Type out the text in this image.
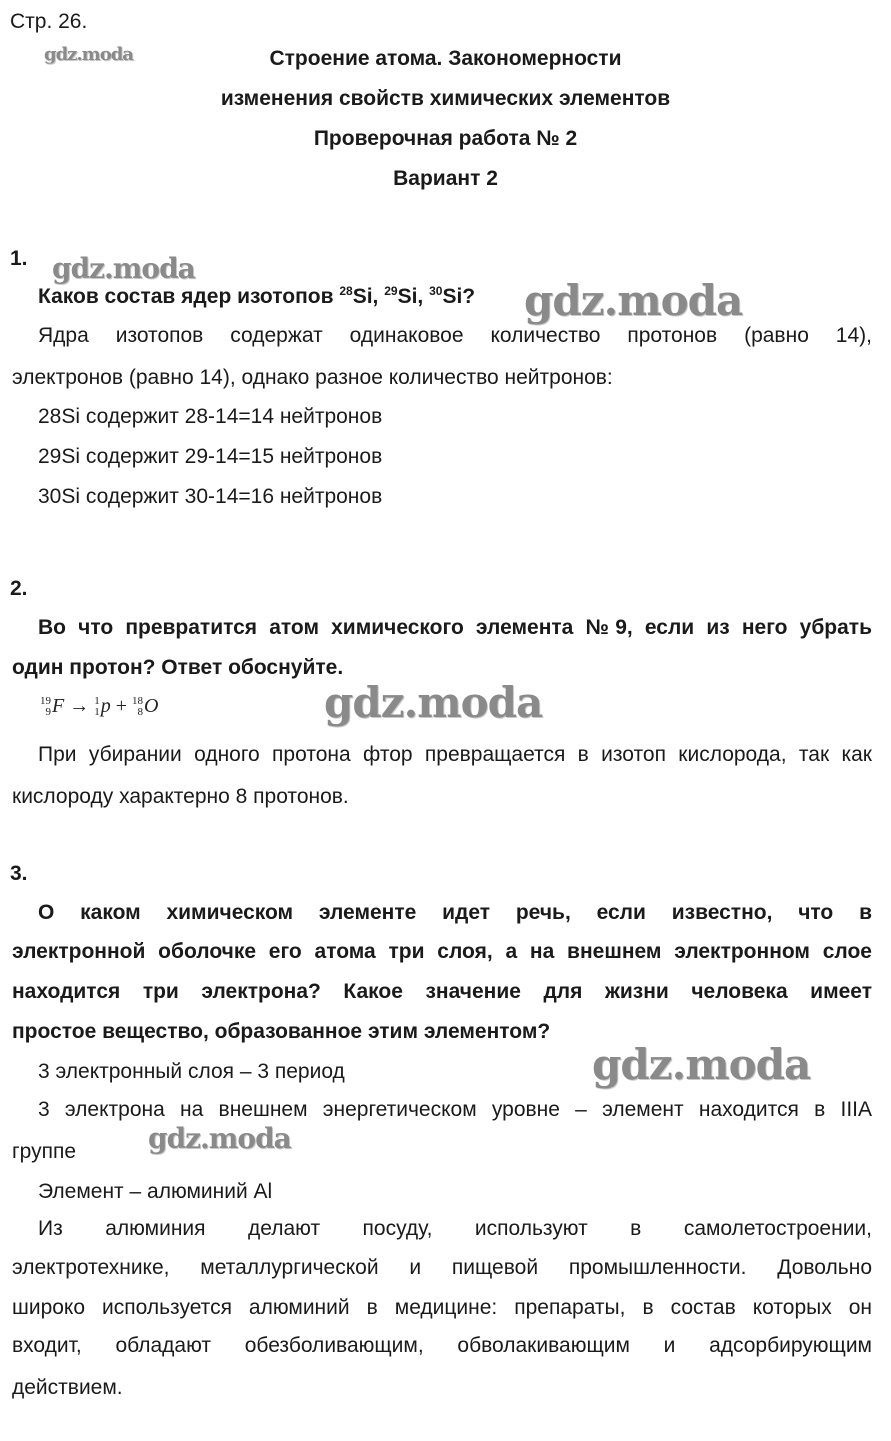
Стр. 26.
gdz.moda
gdz.moda
gdz.moda
gdz.moda
gdz.moda
gdz.moda
Строение атома. Закономерности
изменения свойств химических элементов
Проверочная работа № 2
Вариант 2
1.
Каков состав ядер изотопов $^{28}$Si, $^{29}$Si, $^{30}$Si?
Ядра изотопов содержат одинаковое количество протонов (равно 14),
электронов (равно 14), однако разное количество нейтронов:
28Si содержит 28-14=14 нейтронов
29Si содержит 29-14=15 нейтронов
30Si содержит 30-14=16 нейтронов
2.
Во что превратится атом химического элемента №9, если из него убрать
один протон? Ответ обоснуйте.
19
9 F → 1
1 p + 18
8 O
При убирании одного протона фтор превращается в изотоп кислорода, так как
кислороду характерно 8 протонов.
3.
О каком химическом элементе идет речь, если известно, что в
электронной оболочке его атома три слоя, а на внешнем электронном слое
находится три электрона? Какое значение для жизни человека имеет
простое вещество, образованное этим элементом?
3 электронный слоя – 3 период
3 электрона на внешнем энергетическом уровне – элемент находится в IIIA
группе
Элемент – алюминий Al
Из алюминия делают посуду, используют в самолетостроении,
электротехнике, металлургической и пищевой промышленности. Довольно
широко используется алюминий в медицине: препараты, в состав которых он
входит, обладают обезболивающим, обволакивающим и адсорбирующим
действием.
